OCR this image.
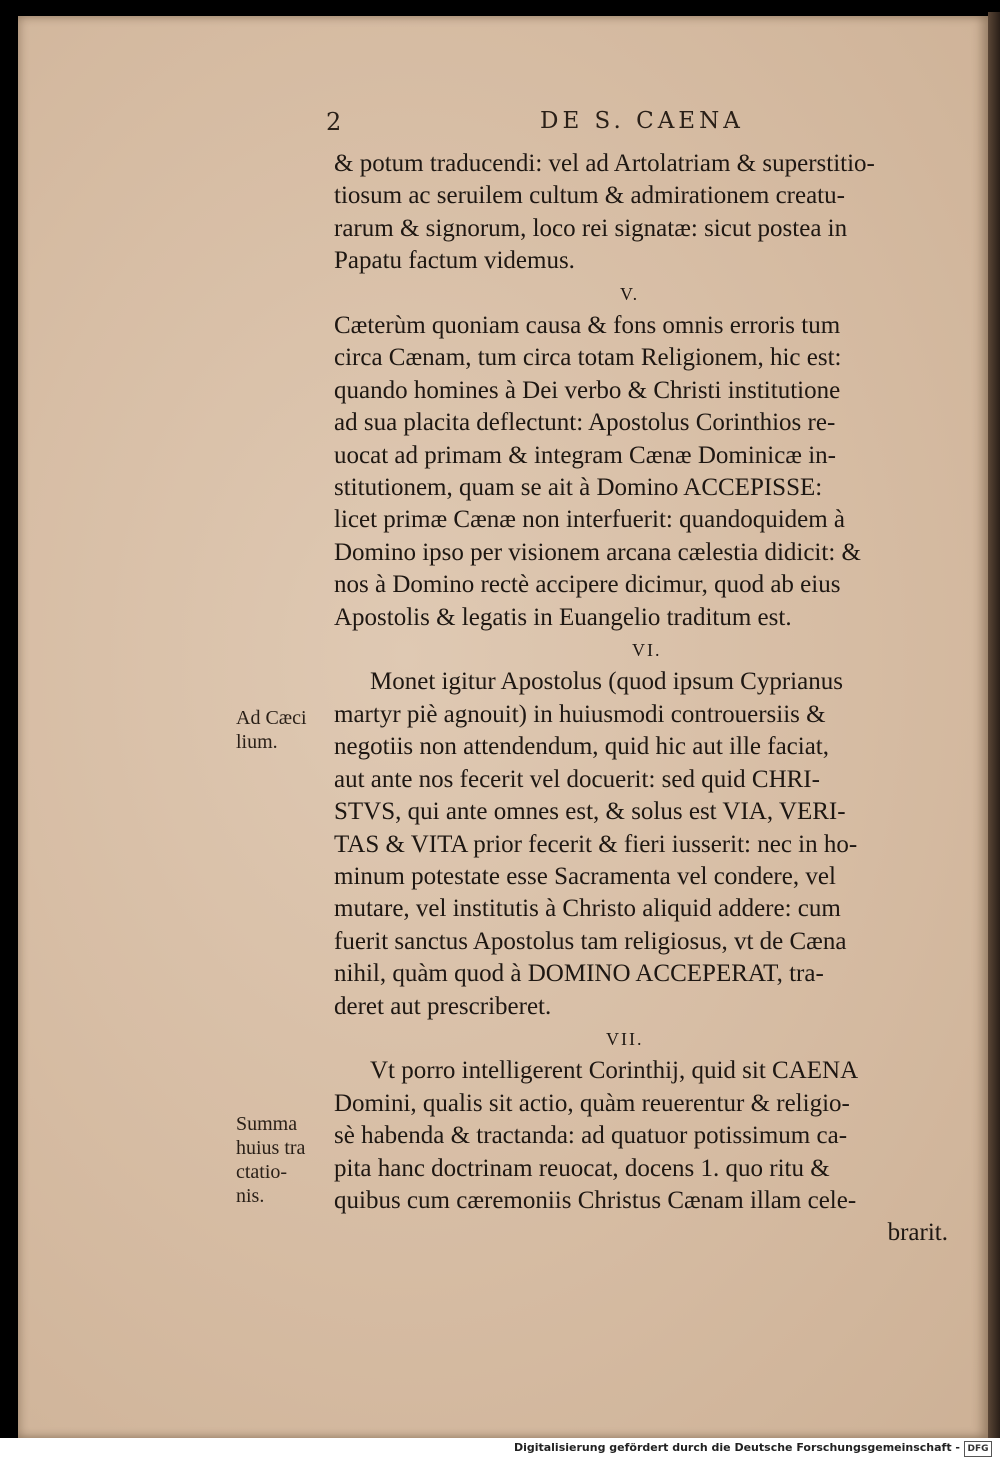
2	DE S. CAENA
& potum traducendi: vel ad Artolatriam & superstitio-
tiosum ac seruilem cultum & admirationem creatu-
rarum & signorum, loco rei signatæ: sicut postea in
Papatu factum videmus.
V.
Cæterùm quoniam causa & fons omnis erroris tum
circa Cænam, tum circa totam Religionem, hic est:
quando homines à Dei verbo & Christi institutione
ad sua placita deflectunt: Apostolus Corinthios re-
uocat ad primam & integram Cænæ Dominicæ in-
stitutionem, quam se ait à Domino ACCEPISSE:
licet primæ Cænæ non interfuerit: quandoquidem à
Domino ipso per visionem arcana cælestia didicit: &
nos à Domino rectè accipere dicimur, quod ab eius
Apostolis & legatis in Euangelio traditum est.
VI.
Monet igitur Apostolus (quod ipsum Cyprianus
martyr piè agnouit) in huiusmodi controuersiis &
negotiis non attendendum, quid hic aut ille faciat,
aut ante nos fecerit vel docuerit: sed quid CHRI-
STVS, qui ante omnes est, & solus est VIA, VERI-
TAS & VITA prior fecerit & fieri iusserit: nec in ho-
minum potestate esse Sacramenta vel condere, vel
mutare, vel institutis à Christo aliquid addere: cum
fuerit sanctus Apostolus tam religiosus, vt de Cæna
nihil, quàm quod à DOMINO ACCEPERAT, tra-
deret aut prescriberet.
VII.
Vt porro intelligerent Corinthij, quid sit CAENA
Domini, qualis sit actio, quàm reuerentur & religio-
sè habenda & tractanda: ad quatuor potissimum ca-
pita hanc doctrinam reuocat, docens 1. quo ritu &
quibus cum cæremoniis Christus Cænam illam cele-
brarit.
Ad Cæci
lium.
Summa
huius tra
ctatio-
nis.
Digitalisierung gefördert durch die Deutsche Forschungsgemeinschaft - DFG
